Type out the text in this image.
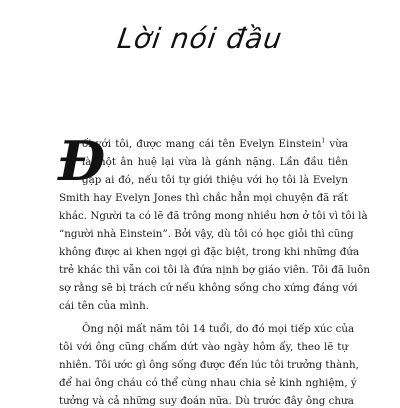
Lời nói đầu
Đ
ối với tôi, được mang cái tên Evelyn Einstein$^1$ vừa
là một ân huệ lại vừa là gánh nặng. Lần đầu tiên
gặp ai đó, nếu tôi tự giới thiệu với họ tôi là Evelyn
Smith hay Evelyn Jones thì chắc hẳn mọi chuyện đã rất
khác. Người ta có lẽ đã trông mong nhiều hơn ở tôi vì tôi là
“người nhà Einstein”. Bởi vậy, dù tôi có học giỏi thì cũng
không được ai khen ngợi gì đặc biệt, trong khi những đứa
trẻ khác thì vẫn coi tôi là đứa nịnh bợ giáo viên. Tôi đã luôn
sợ rằng sẽ bị trách cứ nếu không sống cho xứng đáng với
cái tên của mình.
Ông nội mất năm tôi 14 tuổi, do đó mọi tiếp xúc của
tôi với ông cũng chấm dứt vào ngày hôm ấy, theo lẽ tự
nhiên. Tôi ước gì ông sống được đến lúc tôi trưởng thành,
để hai ông cháu có thể cùng nhau chia sẻ kinh nghiệm, ý
tưởng và cả những suy đoán nữa. Dù trước đây ông chưa
